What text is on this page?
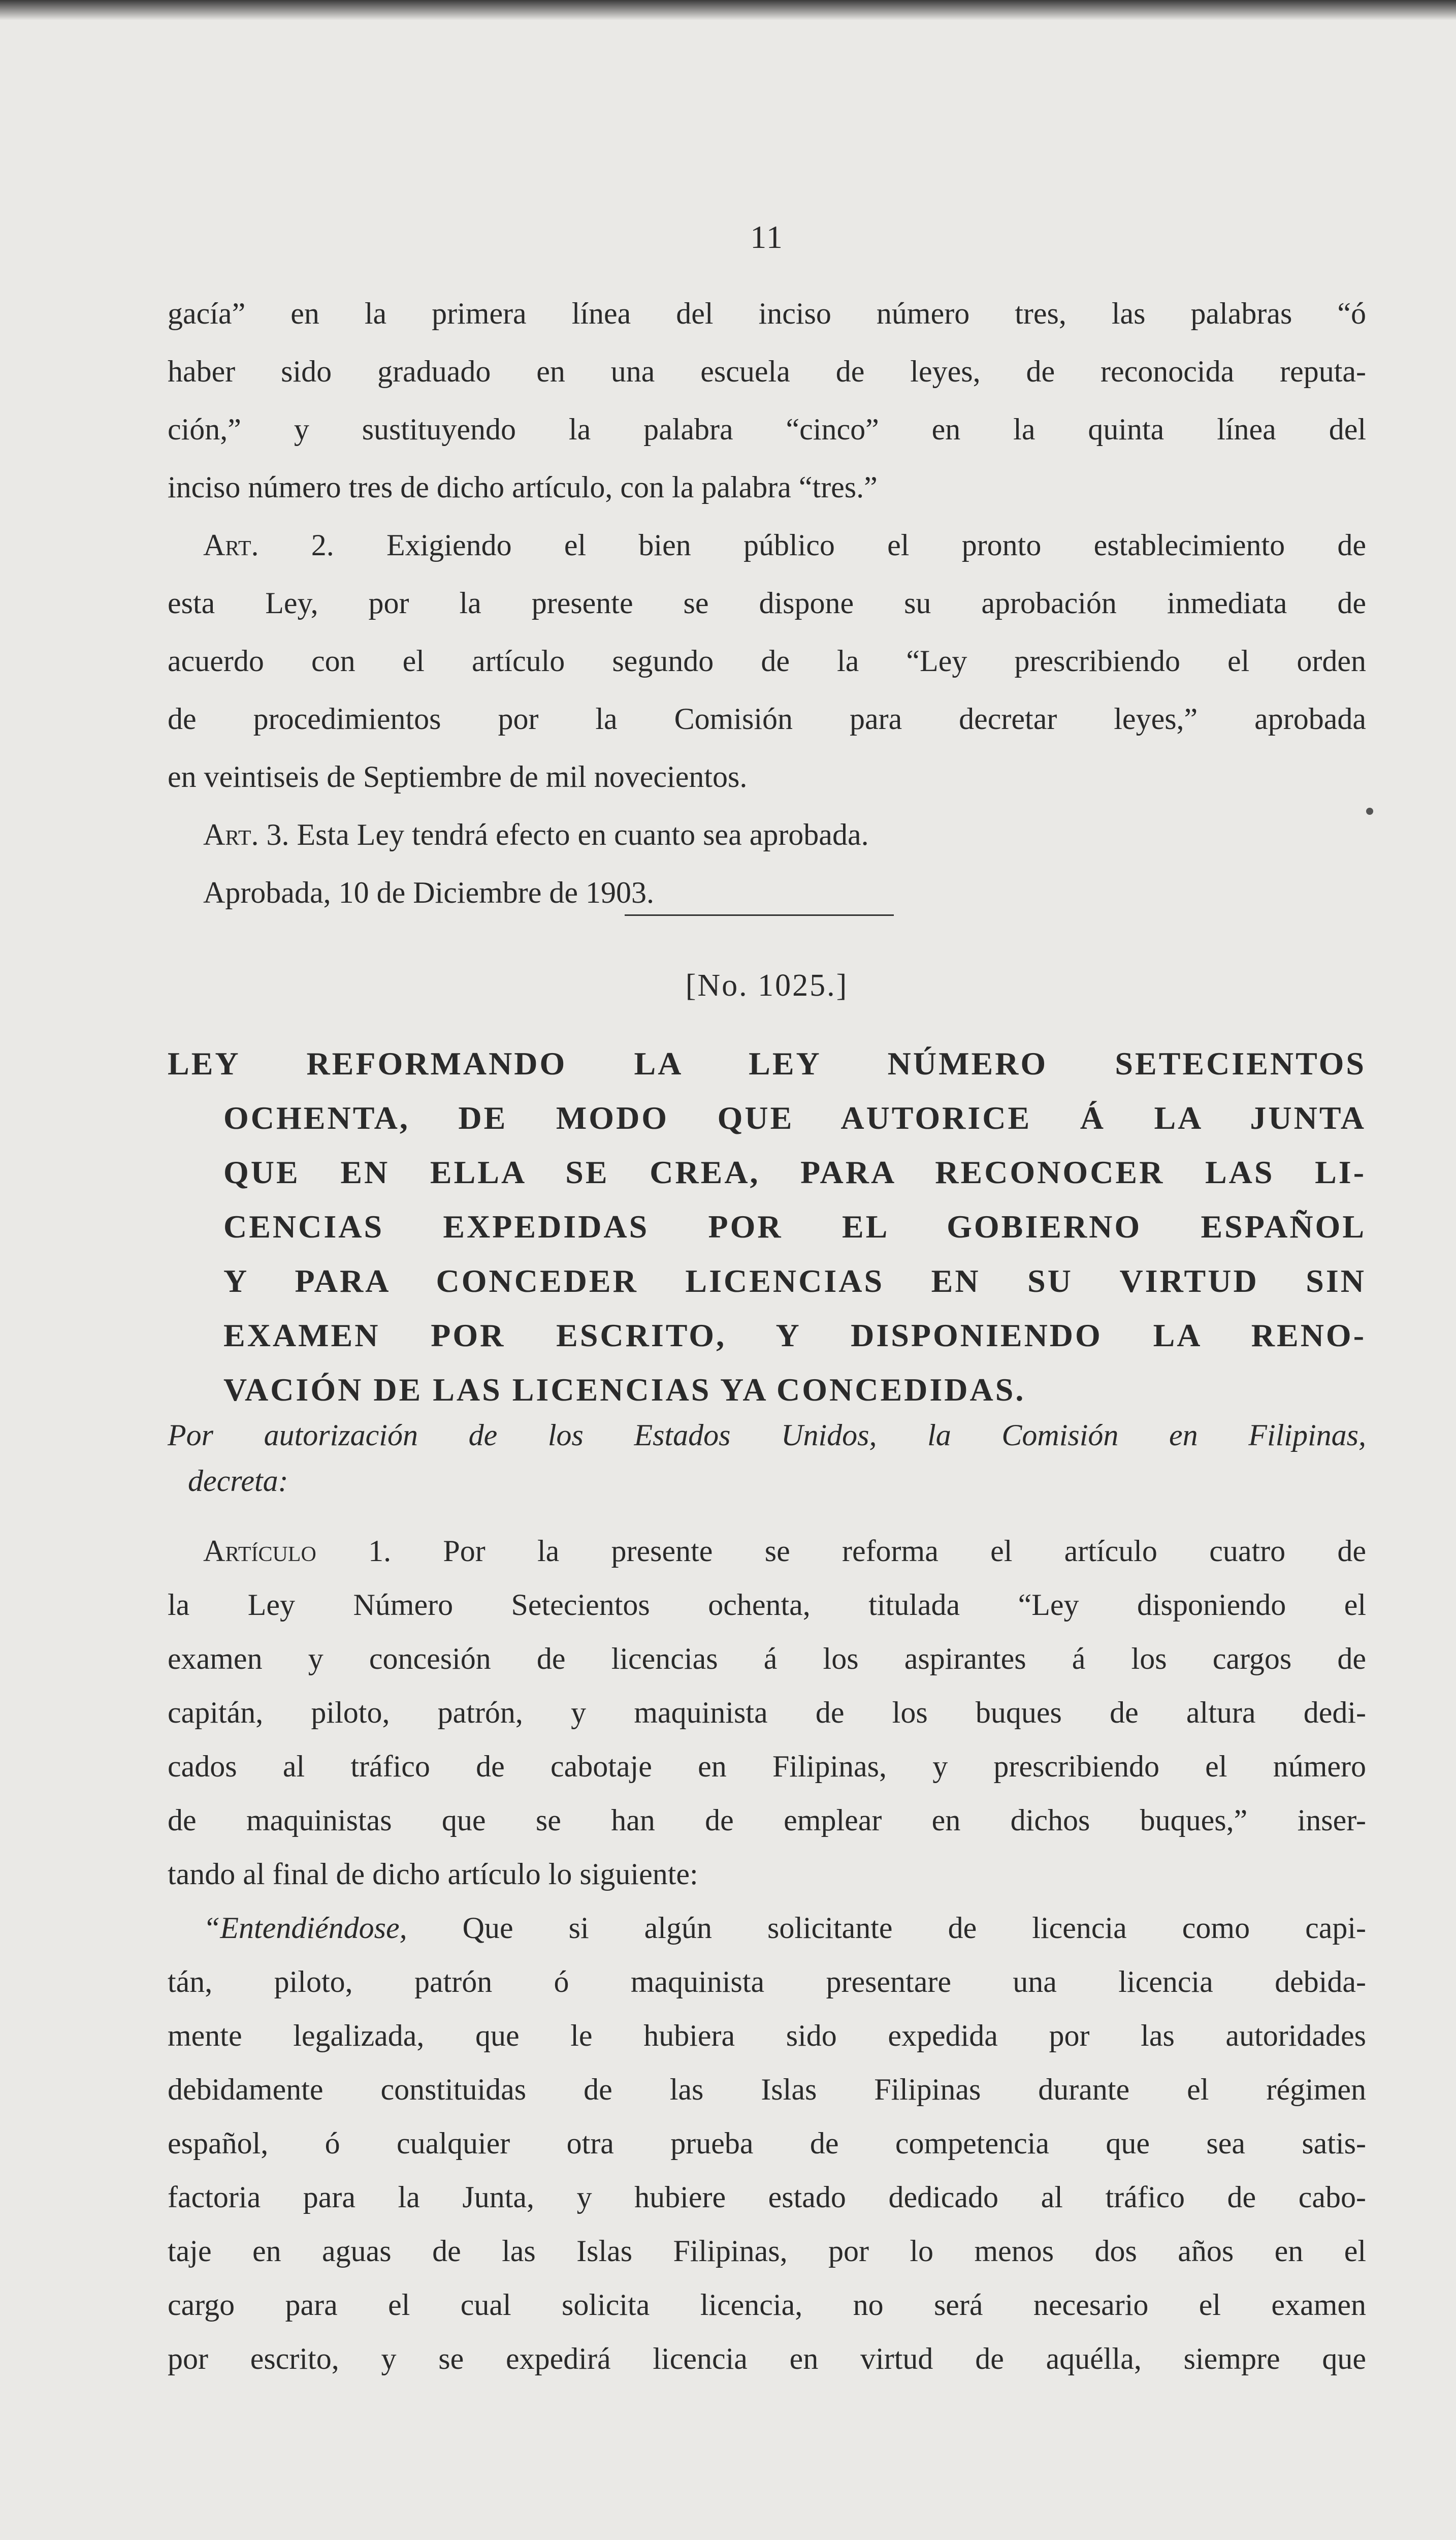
11
gacía” en la primera línea del inciso número tres, las palabras “ó
haber sido graduado en una escuela de leyes, de reconocida reputa-
ción,” y sustituyendo la palabra “cinco” en la quinta línea del
inciso número tres de dicho artículo, con la palabra “tres.”
Art. 2. Exigiendo el bien público el pronto establecimiento de
esta Ley, por la presente se dispone su aprobación inmediata de
acuerdo con el artículo segundo de la “Ley prescribiendo el orden
de procedimientos por la Comisión para decretar leyes,” aprobada
en veintiseis de Septiembre de mil novecientos.
Art. 3. Esta Ley tendrá efecto en cuanto sea aprobada.
Aprobada, 10 de Diciembre de 1903.
[No. 1025.]
LEY REFORMANDO LA LEY NÚMERO SETECIENTOS
OCHENTA, DE MODO QUE AUTORICE Á LA JUNTA
QUE EN ELLA SE CREA, PARA RECONOCER LAS LI-
CENCIAS EXPEDIDAS POR EL GOBIERNO ESPAÑOL
Y PARA CONCEDER LICENCIAS EN SU VIRTUD SIN
EXAMEN POR ESCRITO, Y DISPONIENDO LA RENO-
VACIÓN DE LAS LICENCIAS YA CONCEDIDAS.
Por autorización de los Estados Unidos, la Comisión en Filipinas,
decreta:
Artículo 1. Por la presente se reforma el artículo cuatro de
la Ley Número Setecientos ochenta, titulada “Ley disponiendo el
examen y concesión de licencias á los aspirantes á los cargos de
capitán, piloto, patrón, y maquinista de los buques de altura dedi-
cados al tráfico de cabotaje en Filipinas, y prescribiendo el número
de maquinistas que se han de emplear en dichos buques,” inser-
tando al final de dicho artículo lo siguiente:
“Entendiéndose, Que si algún solicitante de licencia como capi-
tán, piloto, patrón ó maquinista presentare una licencia debida-
mente legalizada, que le hubiera sido expedida por las autoridades
debidamente constituidas de las Islas Filipinas durante el régimen
español, ó cualquier otra prueba de competencia que sea satis-
factoria para la Junta, y hubiere estado dedicado al tráfico de cabo-
taje en aguas de las Islas Filipinas, por lo menos dos años en el
cargo para el cual solicita licencia, no será necesario el examen
por escrito, y se expedirá licencia en virtud de aquélla, siempre que
